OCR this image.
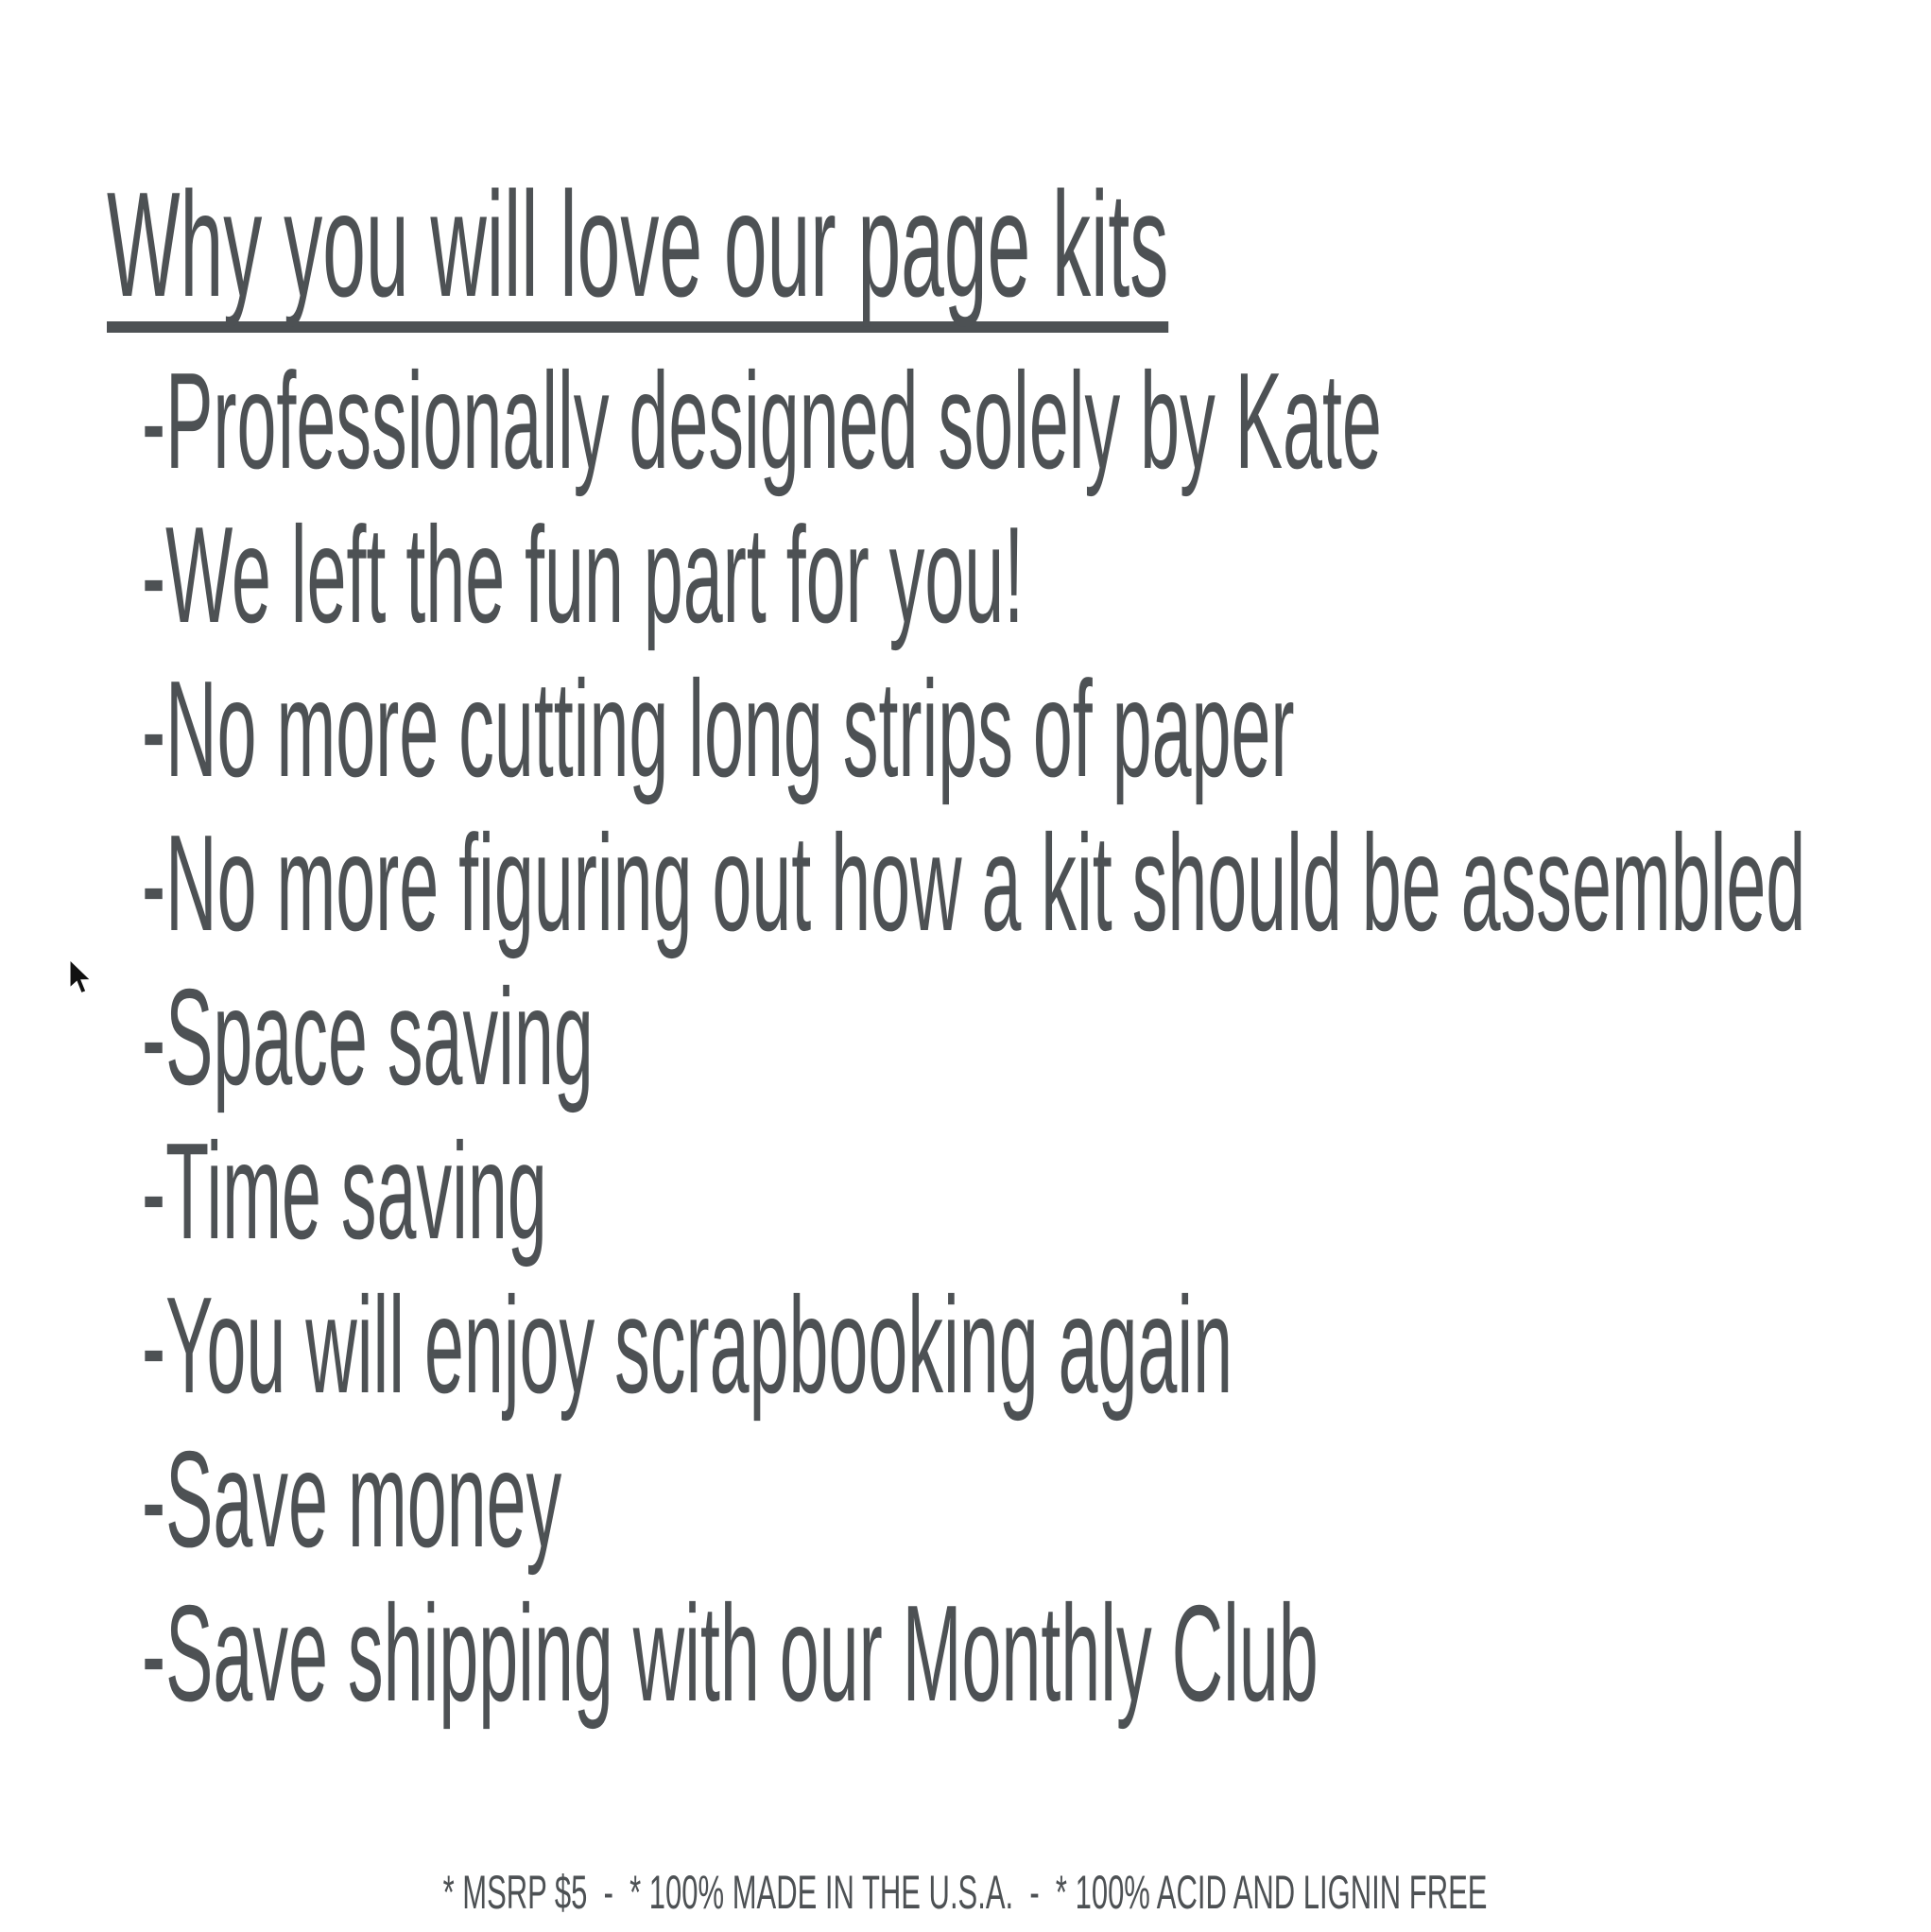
Why you will love our page kits
-Professionally designed solely by Kate
-We left the fun part for you!
-No more cutting long strips of paper
-No more figuring out how a kit should be assembled
-Space saving
-Time saving
-You will enjoy scrapbooking again
-Save money
-Save shipping with our Monthly Club
* MSRP $5  -  * 100% MADE IN THE U.S.A.  -  * 100% ACID AND LIGNIN FREE
